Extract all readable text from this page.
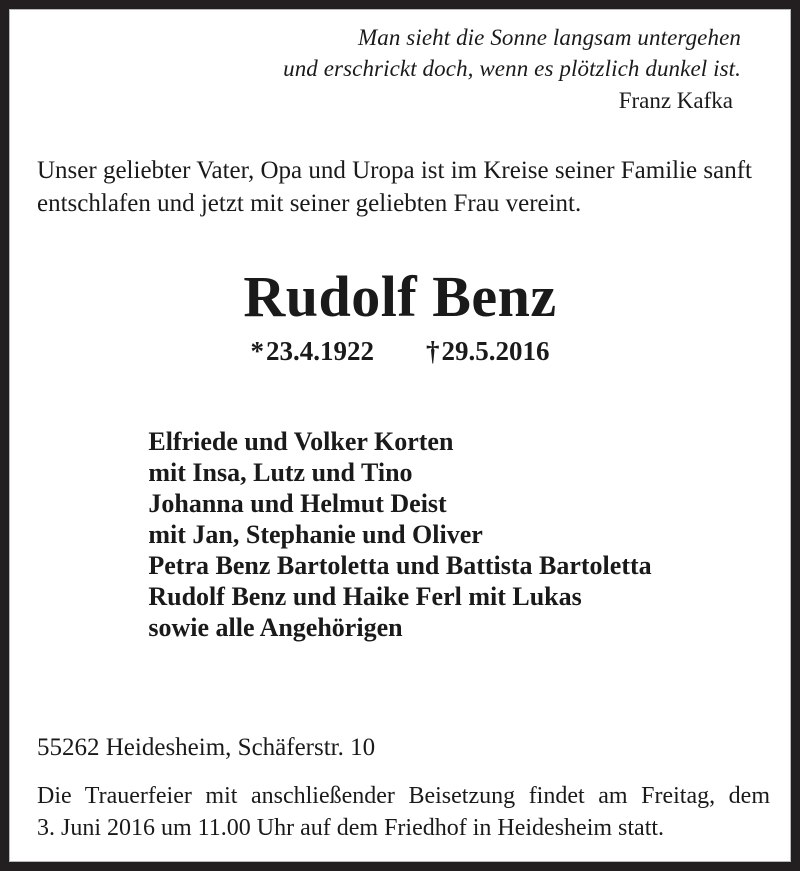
Man sieht die Sonne langsam untergehen
und erschrickt doch, wenn es plötzlich dunkel ist.
Franz Kafka
Unser geliebter Vater, Opa und Uropa ist im Kreise seiner Familie sanft
entschlafen und jetzt mit seiner geliebten Frau vereint.
Rudolf Benz
*23.4.1922 †29.5.2016
Elfriede und Volker Korten
mit Insa, Lutz und Tino
Johanna und Helmut Deist
mit Jan, Stephanie und Oliver
Petra Benz Bartoletta und Battista Bartoletta
Rudolf Benz und Haike Ferl mit Lukas
sowie alle Angehörigen
55262 Heidesheim, Schäferstr. 10
Die Trauerfeier mit anschließender Beisetzung findet am Freitag, dem 3. Juni 2016 um 11.00 Uhr auf dem Friedhof in Heidesheim statt.
